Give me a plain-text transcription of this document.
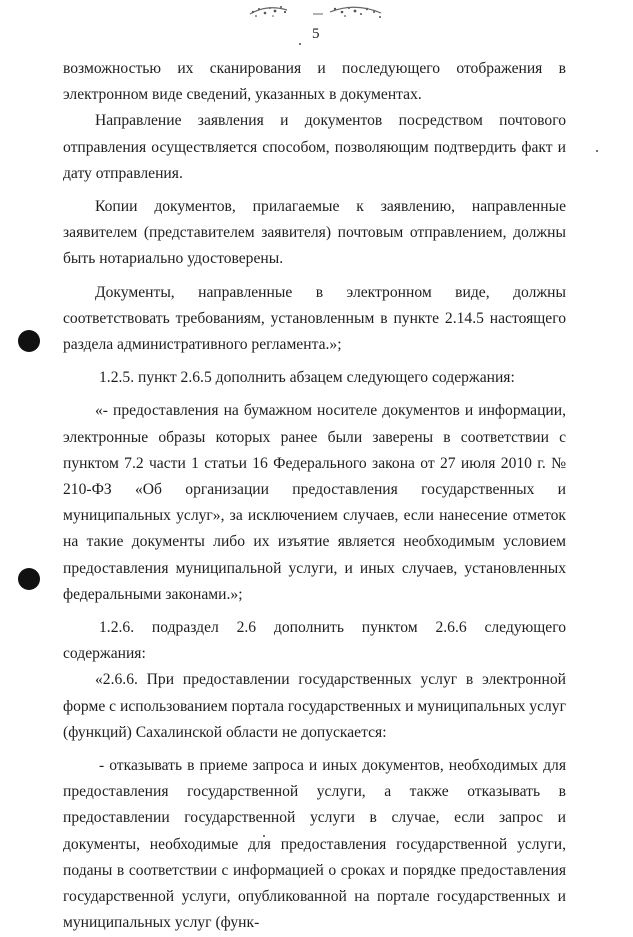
5

возможностью их сканирования и последующего отображения в электронном виде сведений, указанных в документах.

Направление заявления и документов посредством почтового отправления осуществляется способом, позволяющим подтвердить факт и дату отправления.

Копии документов, прилагаемые к заявлению, направленные заявителем (представителем заявителя) почтовым отправлением, должны быть нотариально удостоверены.

Документы, направленные в электронном виде, должны соответствовать требованиям, установленным в пункте 2.14.5 настоящего раздела административного регламента.»;

1.2.5. пункт 2.6.5 дополнить абзацем следующего содержания:

«- предоставления на бумажном носителе документов и информации, электронные образы которых ранее были заверены в соответствии с пунктом 7.2 части 1 статьи 16 Федерального закона от 27 июля 2010 г. № 210-ФЗ «Об организации предоставления государственных и муниципальных услуг», за исключением случаев, если нанесение отметок на такие документы либо их изъятие является необходимым условием предоставления муниципальной услуги, и иных случаев, установленных федеральными законами.»;

1.2.6. подраздел 2.6 дополнить пунктом 2.6.6 следующего содержания:

«2.6.6. При предоставлении государственных услуг в электронной форме с использованием портала государственных и муниципальных услуг (функций) Сахалинской области не допускается:

- отказывать в приеме запроса и иных документов, необходимых для предоставления государственной услуги, а также отказывать в предоставлении государственной услуги в случае, если запрос и документы, необходимые для предоставления государственной услуги, поданы в соответствии с информацией о сроках и порядке предоставления государственной услуги, опубликованной на портале государственных и муниципальных услуг (функ-
